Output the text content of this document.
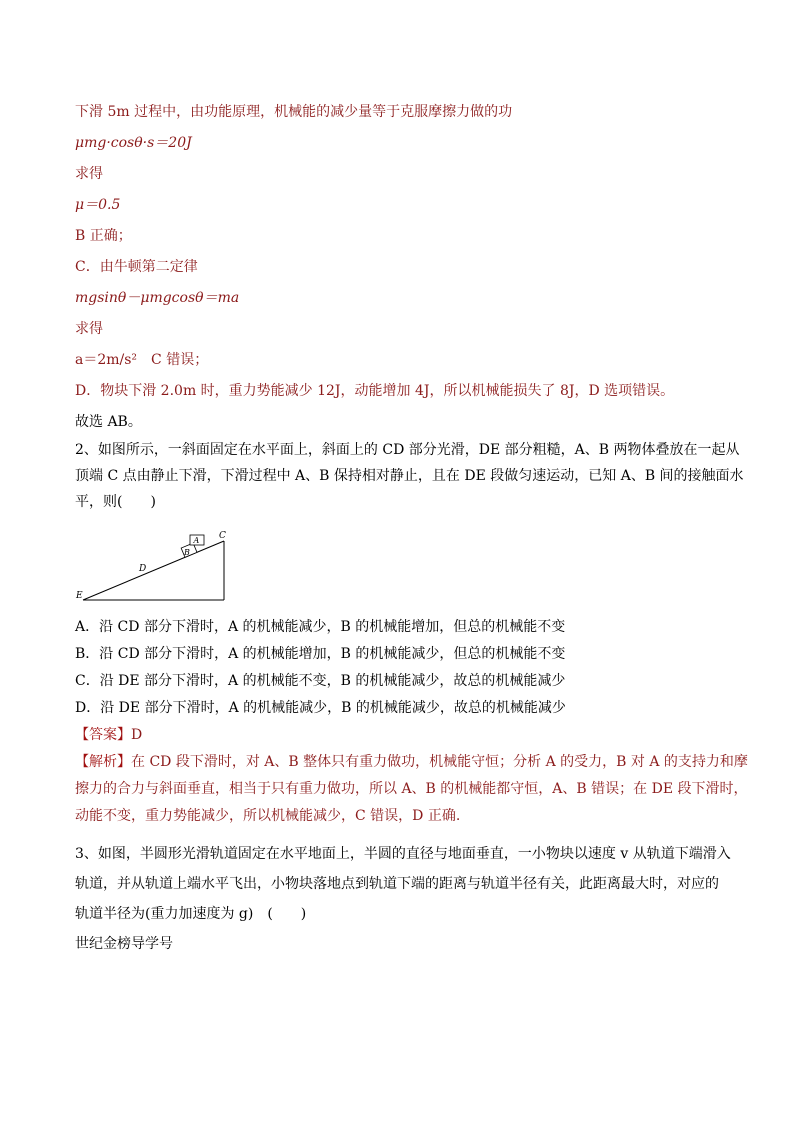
下滑 5m 过程中，由功能原理，机械能的减少量等于克服摩擦力做的功

μmg·cosθ·s＝20J

求得

μ＝0.5

B 正确；

C．由牛顿第二定律

mgsinθ－μmgcosθ＝ma

求得

a＝2m/s²　C 错误；

D．物块下滑 2.0m 时，重力势能减少 12J，动能增加 4J，所以机械能损失了 8J，D 选项错误。

故选 AB。

2、如图所示，一斜面固定在水平面上，斜面上的 CD 部分光滑，DE 部分粗糙，A、B 两物体叠放在一起从

顶端 C 点由静止下滑，下滑过程中 A、B 保持相对静止，且在 DE 段做匀速运动，已知 A、B 间的接触面水

平，则(　　)

B
A C
D
E

A．沿 CD 部分下滑时，A 的机械能减少，B 的机械能增加，但总的机械能不变

B．沿 CD 部分下滑时，A 的机械能增加，B 的机械能减少，但总的机械能不变

C．沿 DE 部分下滑时，A 的机械能不变，B 的机械能减少，故总的机械能减少

D．沿 DE 部分下滑时，A 的机械能减少，B 的机械能减少，故总的机械能减少

【答案】D

【解析】在 CD 段下滑时，对 A、B 整体只有重力做功，机械能守恒；分析 A 的受力，B 对 A 的支持力和摩

擦力的合力与斜面垂直，相当于只有重力做功，所以 A、B 的机械能都守恒，A、B 错误；在 DE 段下滑时，

动能不变，重力势能减少，所以机械能减少，C 错误，D 正确.

3、如图，半圆形光滑轨道固定在水平地面上，半圆的直径与地面垂直，一小物块以速度 v 从轨道下端滑入

轨道，并从轨道上端水平飞出，小物块落地点到轨道下端的距离与轨道半径有关，此距离最大时，对应的

轨道半径为(重力加速度为 g)　(　　)

世纪金榜导学号
